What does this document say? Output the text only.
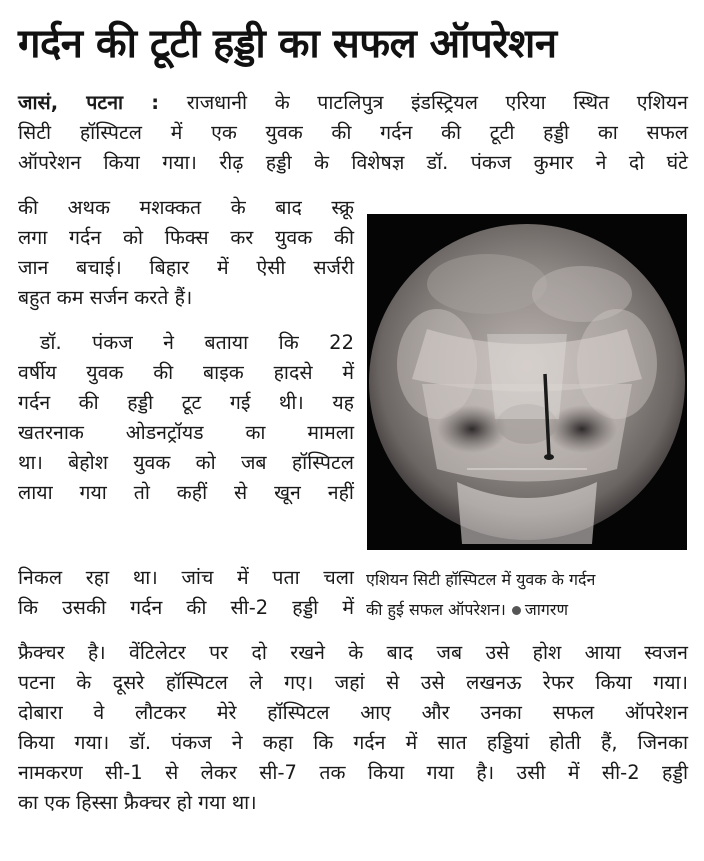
गर्दन की टूटी हड्डी का सफल ऑपरेशन
जासं, पटना : राजधानी के पाटलिपुत्र इंडस्ट्रियल एरिया स्थित एशियन
सिटी हॉस्पिटल में एक युवक की गर्दन की टूटी हड्डी का सफल
ऑपरेशन किया गया। रीढ़ हड्डी के विशेषज्ञ डॉ. पंकज कुमार ने दो घंटे
की अथक मशक्कत के बाद स्क्रू
लगा गर्दन को फिक्स कर युवक की
जान बचाई। बिहार में ऐसी सर्जरी
बहुत कम सर्जन करते हैं।
डॉ. पंकज ने बताया कि 22
वर्षीय युवक की बाइक हादसे में
गर्दन की हड्डी टूट गई थी। यह
खतरनाक ओडनट्रॉयड का मामला
था। बेहोश युवक को जब हॉस्पिटल
लाया गया तो कहीं से खून नहीं
निकल रहा था। जांच में पता चला
कि उसकी गर्दन की सी-2 हड्डी में
एशियन सिटी हॉस्पिटल में युवक के गर्दन
की हुई सफल ऑपरेशन। जागरण
फ्रैक्चर है। वेंटिलेटर पर दो रखने के बाद जब उसे होश आया स्वजन
पटना के दूसरे हॉस्पिटल ले गए। जहां से उसे लखनऊ रेफर किया गया।
दोबारा वे लौटकर मेरे हॉस्पिटल आए और उनका सफल ऑपरेशन
किया गया। डॉ. पंकज ने कहा कि गर्दन में सात हड्डियां होती हैं, जिनका
नामकरण सी-1 से लेकर सी-7 तक किया गया है। उसी में सी-2 हड्डी
का एक हिस्सा फ्रैक्चर हो गया था।
